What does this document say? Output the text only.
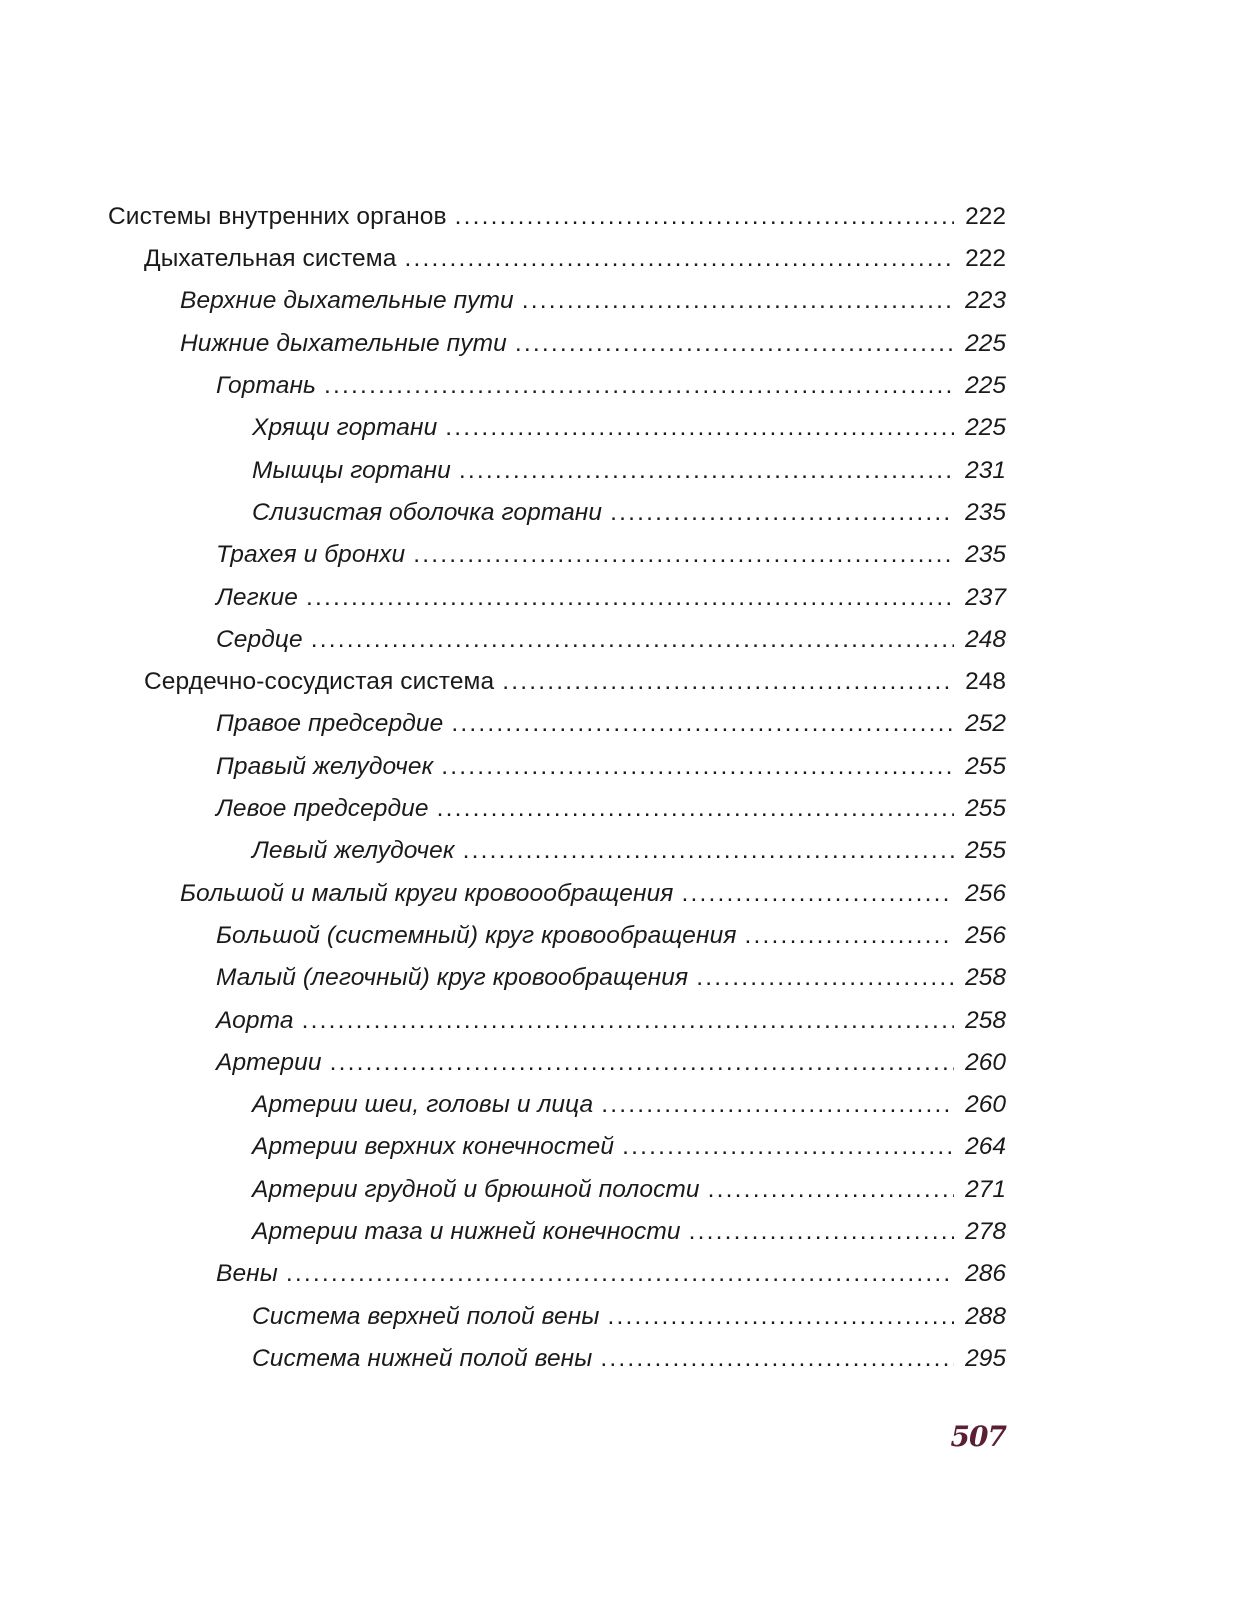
Системы внутренних органов .....	222
Дыхательная система .....	222
Верхние дыхательные пути .....	223
Нижние дыхательные пути .....	225
Гортань .....	225
Хрящи гортани .....	225
Мышцы гортани .....	231
Слизистая оболочка гортани .....	235
Трахея и бронхи .....	235
Легкие .....	237
Сердце .....	248
Сердечно-сосудистая система .....	248
Правое предсердие .....	252
Правый желудочек .....	255
Левое предсердие .....	255
Левый желудочек .....	255
Большой и малый круги кровоообращения .....	256
Большой (системный) круг кровообращения .....	256
Малый (легочный) круг кровообращения .....	258
Аорта .....	258
Артерии .....	260
Артерии шеи, головы и лица .....	260
Артерии верхних конечностей .....	264
Артерии грудной и брюшной полости .....	271
Артерии таза и нижней конечности .....	278
Вены .....	286
Система верхней полой вены .....	288
Система нижней полой вены .....	295
507
